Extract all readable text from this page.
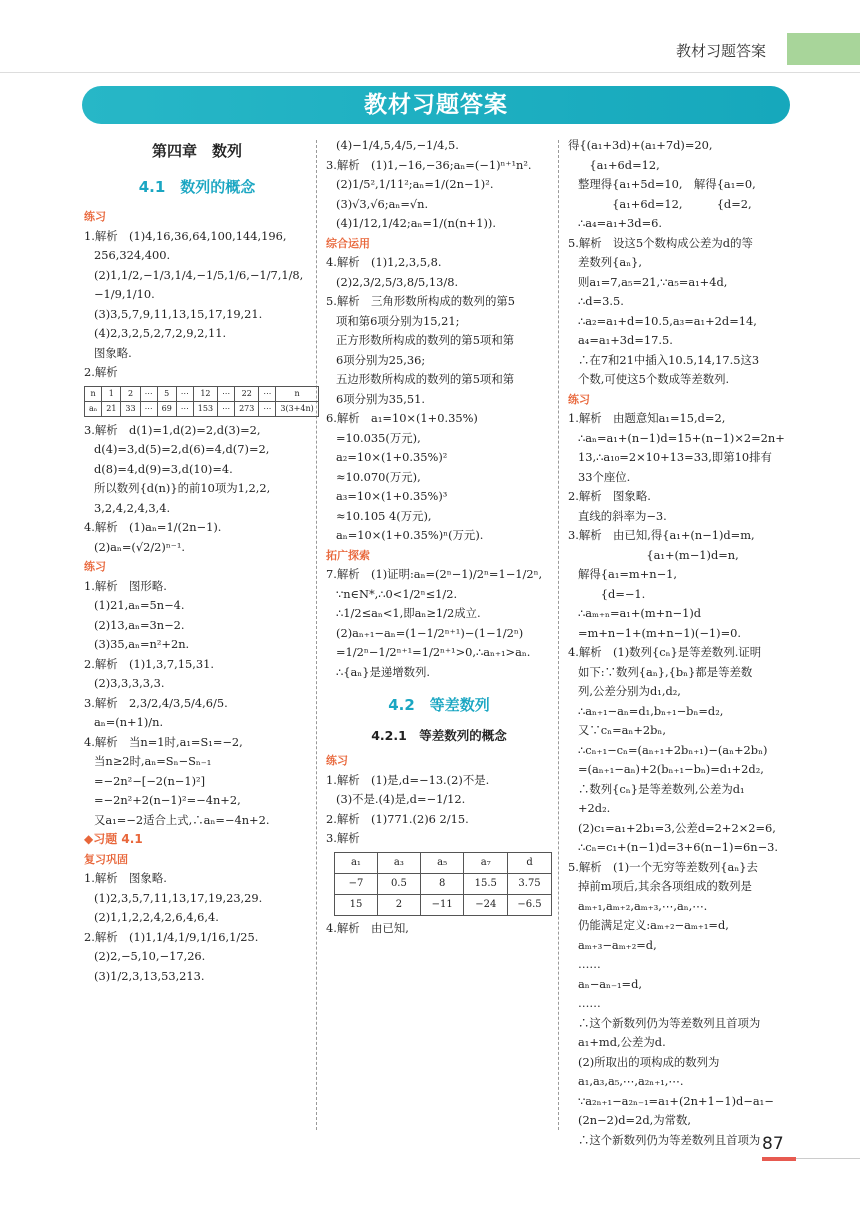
教材习题答案
教材习题答案
第四章　数列
4.1　数列的概念
练习
1.解析　(1)4,16,36,64,100,144,196,
256,324,400.
(2)1,1/2,−1/3,1/4,−1/5,1/6,−1/7,1/8,
−1/9,1/10.
(3)3,5,7,9,11,13,15,17,19,21.
(4)2,3,2,5,2,7,2,9,2,11.
图象略.
2.解析
n	1	2	⋯	5	⋯	12	⋯	22	⋯	n
aₙ	21	33	⋯	69	⋯	153	⋯	273	⋯	3(3+4n)
3.解析　d(1)=1,d(2)=2,d(3)=2,
d(4)=3,d(5)=2,d(6)=4,d(7)=2,
d(8)=4,d(9)=3,d(10)=4.
所以数列{d(n)}的前10项为1,2,2,
3,2,4,2,4,3,4.
4.解析　(1)aₙ=1/(2n−1).
(2)aₙ=(√2/2)ⁿ⁻¹.
练习
1.解析　图形略.
(1)21,aₙ=5n−4.
(2)13,aₙ=3n−2.
(3)35,aₙ=n²+2n.
2.解析　(1)1,3,7,15,31.
(2)3,3,3,3,3.
3.解析　2,3/2,4/3,5/4,6/5.
aₙ=(n+1)/n.
4.解析　当n=1时,a₁=S₁=−2,
当n≥2时,aₙ=Sₙ−Sₙ₋₁
=−2n²−[−2(n−1)²]
=−2n²+2(n−1)²=−4n+2,
又a₁=−2适合上式,∴aₙ=−4n+2.
◆习题 4.1
复习巩固
1.解析　图象略.
(1)2,3,5,7,11,13,17,19,23,29.
(2)1,1,2,2,4,2,6,4,6,4.
2.解析　(1)1,1/4,1/9,1/16,1/25.
(2)2,−5,10,−17,26.
(3)1/2,3,13,53,213.
(4)−1/4,5,4/5,−1/4,5.
3.解析　(1)1,−16,−36;aₙ=(−1)ⁿ⁺¹n².
(2)1/5²,1/11²;aₙ=1/(2n−1)².
(3)√3,√6;aₙ=√n.
(4)1/12,1/42;aₙ=1/(n(n+1)).
综合运用
4.解析　(1)1,2,3,5,8.
(2)2,3/2,5/3,8/5,13/8.
5.解析　三角形数所构成的数列的第5
项和第6项分别为15,21;
正方形数所构成的数列的第5项和第
6项分别为25,36;
五边形数所构成的数列的第5项和第
6项分别为35,51.
6.解析　a₁=10×(1+0.35%)
=10.035(万元),
a₂=10×(1+0.35%)²
≈10.070(万元),
a₃=10×(1+0.35%)³
≈10.105 4(万元),
aₙ=10×(1+0.35%)ⁿ(万元).
拓广探索
7.解析　(1)证明:aₙ=(2ⁿ−1)/2ⁿ=1−1/2ⁿ,
∵n∈N*,∴0<1/2ⁿ≤1/2.
∴1/2≤aₙ<1,即aₙ≥1/2成立.
(2)aₙ₊₁−aₙ=(1−1/2ⁿ⁺¹)−(1−1/2ⁿ)
=1/2ⁿ−1/2ⁿ⁺¹=1/2ⁿ⁺¹>0,∴aₙ₊₁>aₙ.
∴{aₙ}是递增数列.
4.2　等差数列
4.2.1　等差数列的概念
练习
1.解析　(1)是,d=−13.(2)不是.
(3)不是.(4)是,d=−1/12.
2.解析　(1)771.(2)6 2/15.
3.解析
a₁	a₃	a₅	a₇	d
−7	0.5	8	15.5	3.75
15	2	−11	−24	−6.5
4.解析　由已知,
得{(a₁+3d)+(a₁+7d)=20,
　{a₁+6d=12,
整理得{a₁+5d=10,　解得{a₁=0,
　　　{a₁+6d=12,　　　{d=2,
∴a₄=a₁+3d=6.
5.解析　设这5个数构成公差为d的等
差数列{aₙ},
则a₁=7,a₅=21,∵a₅=a₁+4d,
∴d=3.5.
∴a₂=a₁+d=10.5,a₃=a₁+2d=14,
a₄=a₁+3d=17.5.
∴在7和21中插入10.5,14,17.5这3
个数,可使这5个数成等差数列.
练习
1.解析　由题意知a₁=15,d=2,
∴aₙ=a₁+(n−1)d=15+(n−1)×2=2n+
13,∴a₁₀=2×10+13=33,即第10排有
33个座位.
2.解析　图象略.
直线的斜率为−3.
3.解析　由已知,得{a₁+(n−1)d=m,
　　　　　　{a₁+(m−1)d=n,
解得{a₁=m+n−1,
　　{d=−1.
∴aₘ₊ₙ=a₁+(m+n−1)d
=m+n−1+(m+n−1)(−1)=0.
4.解析　(1)数列{cₙ}是等差数列.证明
如下:∵数列{aₙ},{bₙ}都是等差数
列,公差分别为d₁,d₂,
∴aₙ₊₁−aₙ=d₁,bₙ₊₁−bₙ=d₂,
又∵cₙ=aₙ+2bₙ,
∴cₙ₊₁−cₙ=(aₙ₊₁+2bₙ₊₁)−(aₙ+2bₙ)
=(aₙ₊₁−aₙ)+2(bₙ₊₁−bₙ)=d₁+2d₂,
∴数列{cₙ}是等差数列,公差为d₁
+2d₂.
(2)c₁=a₁+2b₁=3,公差d=2+2×2=6,
∴cₙ=c₁+(n−1)d=3+6(n−1)=6n−3.
5.解析　(1)一个无穷等差数列{aₙ}去
掉前m项后,其余各项组成的数列是
aₘ₊₁,aₘ₊₂,aₘ₊₃,⋯,aₙ,⋯.
仍能满足定义:aₘ₊₂−aₘ₊₁=d,
aₘ₊₃−aₘ₊₂=d,
……
aₙ−aₙ₋₁=d,
……
∴这个新数列仍为等差数列且首项为
a₁+md,公差为d.
(2)所取出的项构成的数列为
a₁,a₃,a₅,⋯,a₂ₙ₊₁,⋯.
∵a₂ₙ₊₁−a₂ₙ₋₁=a₁+(2n+1−1)d−a₁−
(2n−2)d=2d,为常数,
∴这个新数列仍为等差数列且首项为 87
